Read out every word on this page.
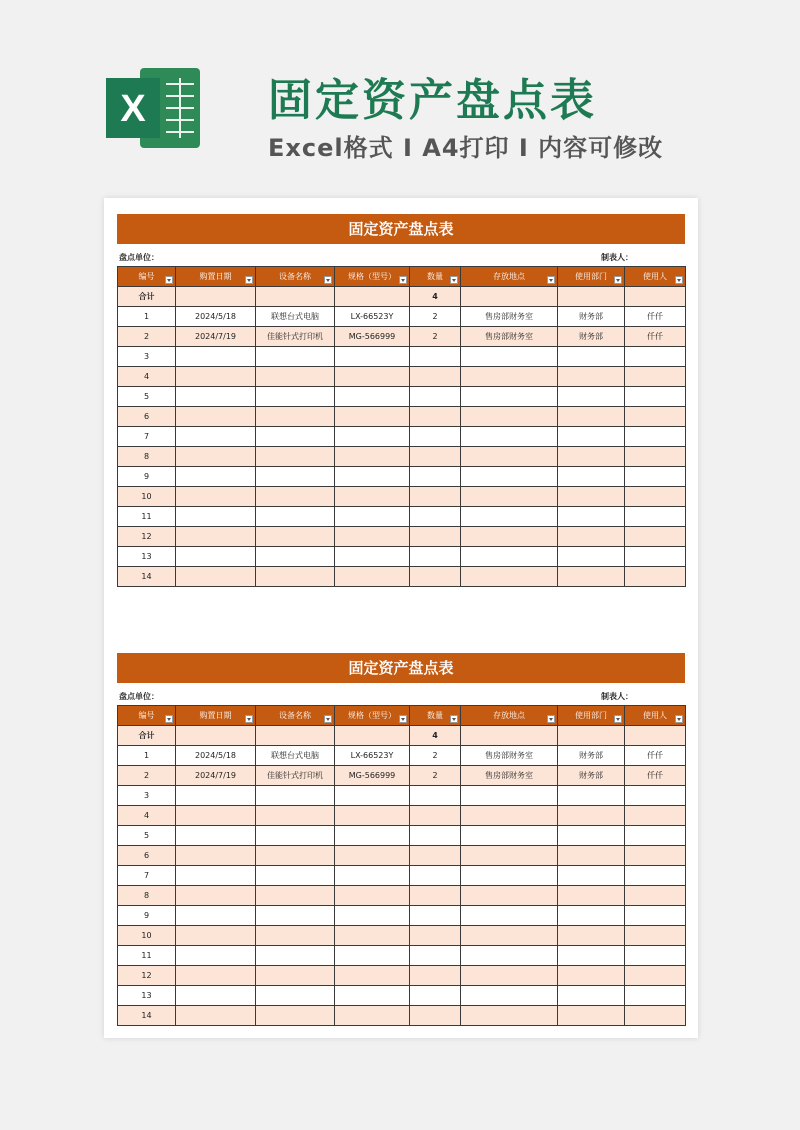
X	固定资产盘点表
Excel格式 I A4打印 I 内容可修改
固定资产盘点表
盘点单位：	制表人：
编号	购置日期	设备名称	规格（型号）	数量	存放地点	使用部门	使用人

合计				4			
1	2024/5/18	联想台式电脑	LX-66523Y	2	售房部财务室	财务部	仟仟
2	2024/7/19	佳能针式打印机	MG-566999	2	售房部财务室	财务部	仟仟
3							
4							
5							
6							
7							
8							
9							
10							
11							
12							
13							
14							
固定资产盘点表
盘点单位：	制表人：
编号	购置日期	设备名称	规格（型号）	数量	存放地点	使用部门	使用人

合计				4			
1	2024/5/18	联想台式电脑	LX-66523Y	2	售房部财务室	财务部	仟仟
2	2024/7/19	佳能针式打印机	MG-566999	2	售房部财务室	财务部	仟仟
3							
4							
5							
6							
7							
8							
9							
10							
11							
12							
13							
14							
